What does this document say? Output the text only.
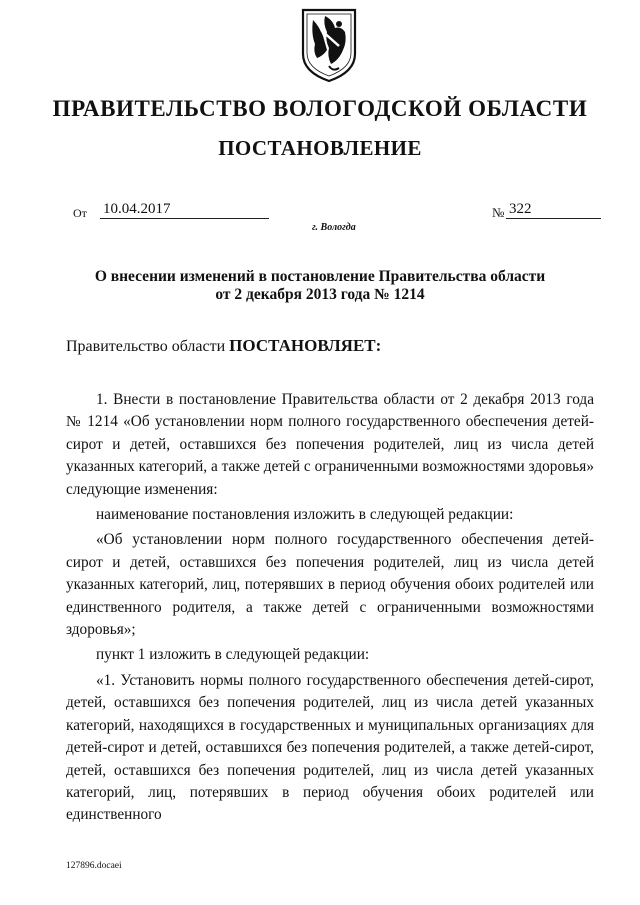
ПРАВИТЕЛЬСТВО ВОЛОГОДСКОЙ ОБЛАСТИ
ПОСТАНОВЛЕНИЕ
От 10.04.2017
г. Вологда
№ 322
О внесении изменений в постановление Правительства области
от 2 декабря 2013 года № 1214
Правительство области ПОСТАНОВЛЯЕТ:

1. Внести в постановление Правительства области от 2 декабря 2013 года № 1214 «Об установлении норм полного государственного обеспечения детей-сирот и детей, оставшихся без попечения родителей, лиц из числа детей указанных категорий, а также детей с ограниченными возможностями здоровья» следующие изменения:

наименование постановления изложить в следующей редакции:

«Об установлении норм полного государственного обеспечения детей-сирот и детей, оставшихся без попечения родителей, лиц из числа детей указанных категорий, лиц, потерявших в период обучения обоих родителей или единственного родителя, а также детей с ограниченными возможностями здоровья»;

пункт 1 изложить в следующей редакции:

«1. Установить нормы полного государственного обеспечения детей-сирот, детей, оставшихся без попечения родителей, лиц из числа детей указанных категорий, находящихся в государственных и муниципальных организациях для детей-сирот и детей, оставшихся без попечения родителей, а также детей-сирот, детей, оставшихся без попечения родителей, лиц из числа детей указанных категорий, лиц, потерявших в период обучения обоих родителей или единственного

127896.docaei
